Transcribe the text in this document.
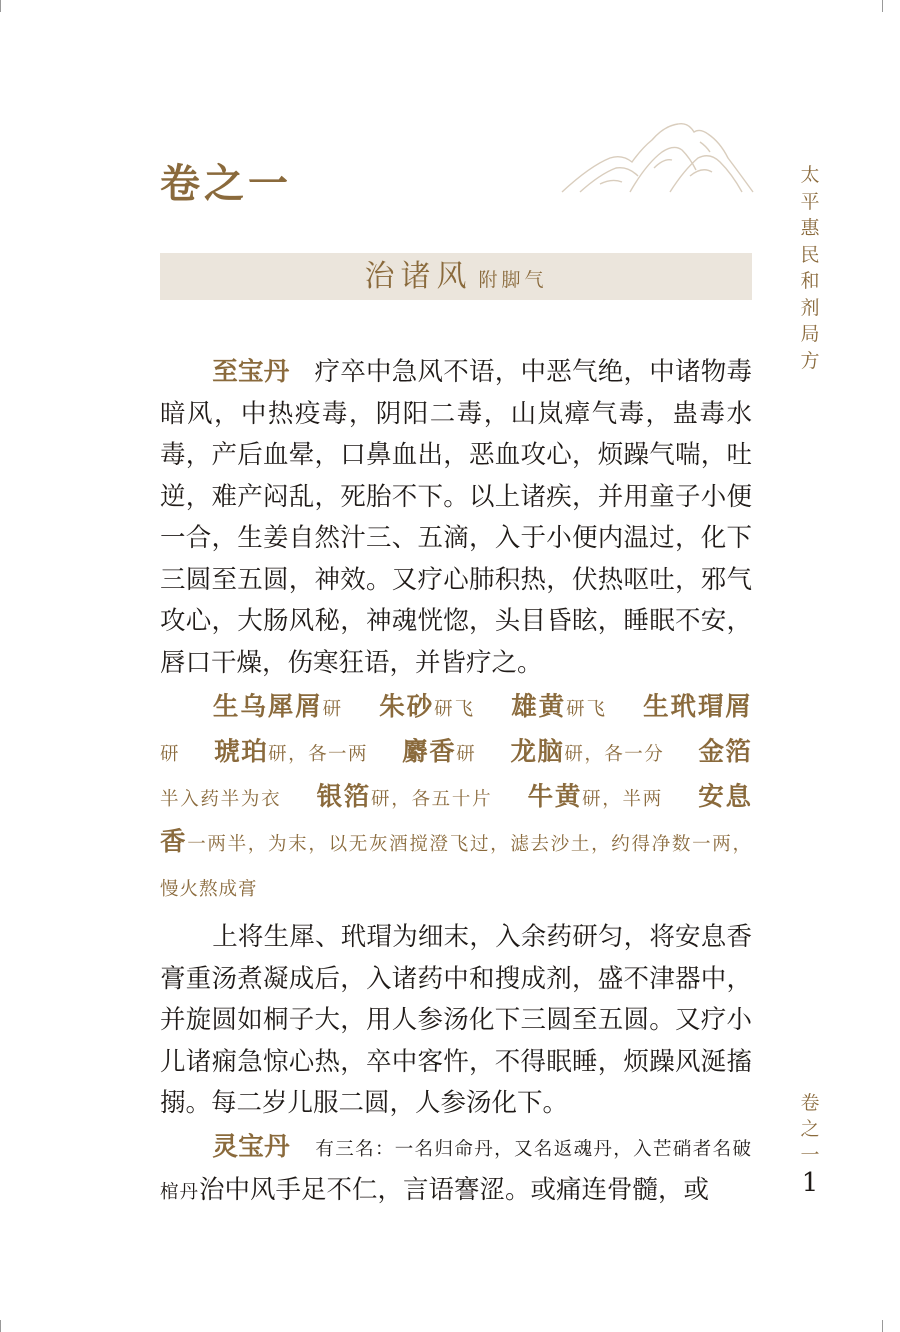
卷之一
治诸风 附脚气
太平惠民和剂局方
卷之一
1

至宝丹 疗卒中急风不语，中恶气绝，中诸物毒暗风，中热疫毒，阴阳二毒，山岚瘴气毒，蛊毒水毒，产后血晕，口鼻血出，恶血攻心，烦躁气喘，吐逆，难产闷乱，死胎不下。以上诸疾，并用童子小便一合，生姜自然汁三、五滴，入于小便内温过，化下三圆至五圆，神效。又疗心肺积热，伏热呕吐，邪气攻心，大肠风秘，神魂恍惚，头目昏眩，睡眠不安，唇口干燥，伤寒狂语，并皆疗之。

生乌犀屑研 朱砂研飞 雄黄研飞 生玳瑁屑研 琥珀研，各一两 麝香研 龙脑研，各一分 金箔半入药半为衣 银箔研，各五十片 牛黄研，半两 安息香一两半，为末，以无灰酒搅澄飞过，滤去沙土，约得净数一两，慢火熬成膏

上将生犀、玳瑁为细末，入余药研匀，将安息香膏重汤煮凝成后，入诸药中和搜成剂，盛不津器中，并旋圆如桐子大，用人参汤化下三圆至五圆。又疗小儿诸痫急惊心热，卒中客忤，不得眠睡，烦躁风涎搐搦。每二岁儿服二圆，人参汤化下。

灵宝丹 有三名：一名归命丹，又名返魂丹，入芒硝者名破棺丹治中风手足不仁，言语謇涩。或痛连骨髓，或
